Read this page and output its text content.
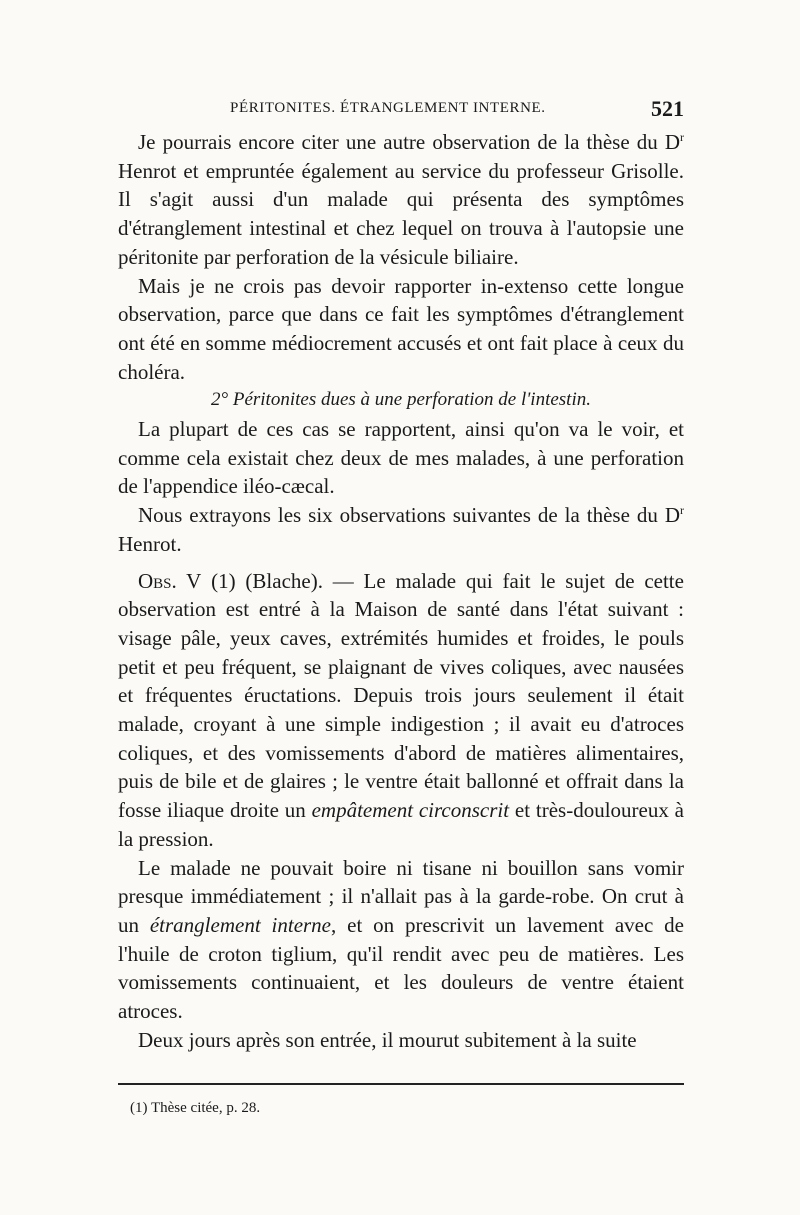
PÉRITONITES. ÉTRANGLEMENT INTERNE.	521

Je pourrais encore citer une autre observation de la thèse du $D^r$ Henrot et empruntée également au service du professeur Grisolle. Il s'agit aussi d'un malade qui présenta des symptômes d'étranglement intestinal et chez lequel on trouva à l'autopsie une péritonite par perforation de la vésicule biliaire.

Mais je ne crois pas devoir rapporter in-extenso cette longue observation, parce que dans ce fait les symptômes d'étranglement ont été en somme médiocrement accusés et ont fait place à ceux du choléra.

2° Péritonites dues à une perforation de l'intestin.

La plupart de ces cas se rapportent, ainsi qu'on va le voir, et comme cela existait chez deux de mes malades, à une perforation de l'appendice iléo-cæcal.

Nous extrayons les six observations suivantes de la thèse du $D^r$ Henrot.

Obs. V (1) (Blache). — Le malade qui fait le sujet de cette observation est entré à la Maison de santé dans l'état suivant : visage pâle, yeux caves, extrémités humides et froides, le pouls petit et peu fréquent, se plaignant de vives coliques, avec nausées et fréquentes éructations. Depuis trois jours seulement il était malade, croyant à une simple indigestion ; il avait eu d'atroces coliques, et des vomissements d'abord de matières alimentaires, puis de bile et de glaires ; le ventre était ballonné et offrait dans la fosse iliaque droite un empâtement circonscrit et très-douloureux à la pression.

Le malade ne pouvait boire ni tisane ni bouillon sans vomir presque immédiatement ; il n'allait pas à la garde-robe. On crut à un étranglement interne, et on prescrivit un lavement avec de l'huile de croton tiglium, qu'il rendit avec peu de matières. Les vomissements continuaient, et les douleurs de ventre étaient atroces.

Deux jours après son entrée, il mourut subitement à la suite

(1) Thèse citée, p. 28.
